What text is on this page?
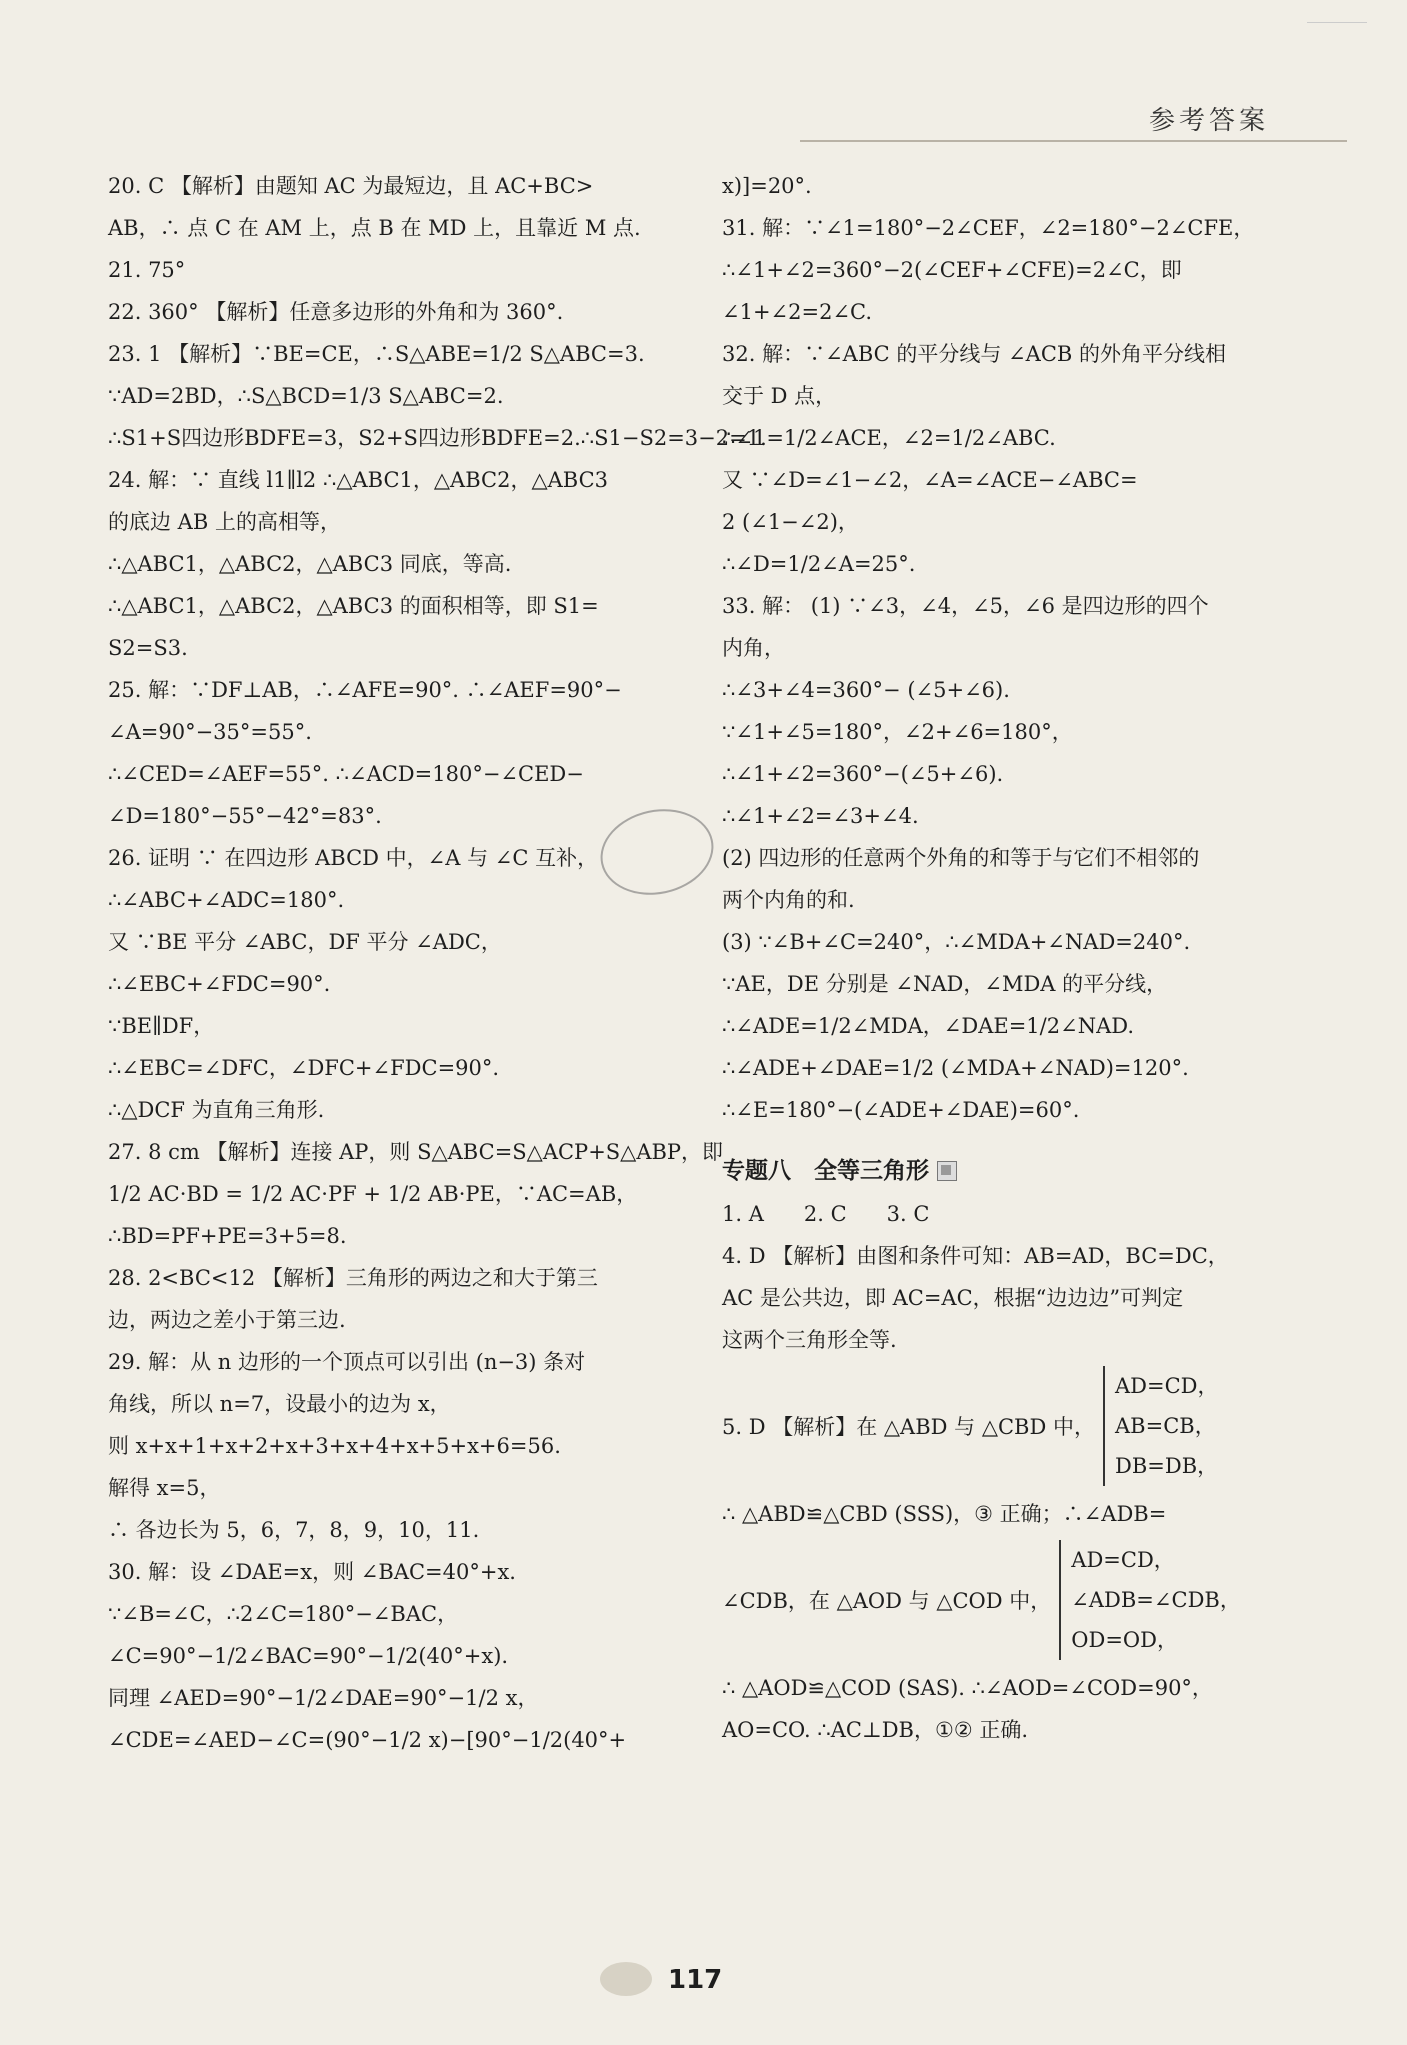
参考答案
20. C 【解析】由题知 AC 为最短边，且 AC+BC>
AB，∴ 点 C 在 AM 上，点 B 在 MD 上，且靠近 M 点.
21. 75°
22. 360° 【解析】任意多边形的外角和为 360°.
23. 1 【解析】∵BE=CE，∴S△ABE=1/2 S△ABC=3.
∵AD=2BD，∴S△BCD=1/3 S△ABC=2.
∴S1+S四边形BDFE=3，S2+S四边形BDFE=2.∴S1−S2=3−2=1.
24. 解：∵ 直线 l1∥l2 ∴△ABC1，△ABC2，△ABC3
的底边 AB 上的高相等，
∴△ABC1，△ABC2，△ABC3 同底，等高.
∴△ABC1，△ABC2，△ABC3 的面积相等，即 S1=
S2=S3.
25. 解：∵DF⊥AB，∴∠AFE=90°. ∴∠AEF=90°−
∠A=90°−35°=55°.
∴∠CED=∠AEF=55°. ∴∠ACD=180°−∠CED−
∠D=180°−55°−42°=83°.
26. 证明 ∵ 在四边形 ABCD 中，∠A 与 ∠C 互补，
∴∠ABC+∠ADC=180°.
又 ∵BE 平分 ∠ABC，DF 平分 ∠ADC，
∴∠EBC+∠FDC=90°.
∵BE∥DF，
∴∠EBC=∠DFC，∠DFC+∠FDC=90°.
∴△DCF 为直角三角形.
27. 8 cm 【解析】连接 AP，则 S△ABC=S△ACP+S△ABP，即
1/2 AC·BD = 1/2 AC·PF + 1/2 AB·PE，∵AC=AB，
∴BD=PF+PE=3+5=8.
28. 2<BC<12 【解析】三角形的两边之和大于第三
边，两边之差小于第三边.
29. 解：从 n 边形的一个顶点可以引出 (n−3) 条对
角线，所以 n=7，设最小的边为 x，
则 x+x+1+x+2+x+3+x+4+x+5+x+6=56.
解得 x=5，
∴ 各边长为 5，6，7，8，9，10，11.
30. 解：设 ∠DAE=x，则 ∠BAC=40°+x.
∵∠B=∠C，∴2∠C=180°−∠BAC，
∠C=90°−1/2∠BAC=90°−1/2(40°+x).
同理 ∠AED=90°−1/2∠DAE=90°−1/2 x，
∠CDE=∠AED−∠C=(90°−1/2 x)−[90°−1/2(40°+
x)]=20°.
31. 解：∵∠1=180°−2∠CEF，∠2=180°−2∠CFE，
∴∠1+∠2=360°−2(∠CEF+∠CFE)=2∠C，即
∠1+∠2=2∠C.
32. 解：∵∠ABC 的平分线与 ∠ACB 的外角平分线相
交于 D 点，
∴∠1=1/2∠ACE，∠2=1/2∠ABC.
又 ∵∠D=∠1−∠2，∠A=∠ACE−∠ABC=
2 (∠1−∠2)，
∴∠D=1/2∠A=25°.
33. 解： (1) ∵∠3，∠4，∠5，∠6 是四边形的四个
内角，
∴∠3+∠4=360°− (∠5+∠6).
∵∠1+∠5=180°，∠2+∠6=180°，
∴∠1+∠2=360°−(∠5+∠6).
∴∠1+∠2=∠3+∠4.
(2) 四边形的任意两个外角的和等于与它们不相邻的
两个内角的和.
(3) ∵∠B+∠C=240°，∴∠MDA+∠NAD=240°.
∵AE，DE 分别是 ∠NAD，∠MDA 的平分线，
∴∠ADE=1/2∠MDA，∠DAE=1/2∠NAD.
∴∠ADE+∠DAE=1/2 (∠MDA+∠NAD)=120°.
∴∠E=180°−(∠ADE+∠DAE)=60°.
专题八　全等三角形
1. A 2. C 3. C
4. D 【解析】由图和条件可知：AB=AD，BC=DC，
AC 是公共边，即 AC=AC，根据“边边边”可判定
这两个三角形全等.
5. D 【解析】在 △ABD 与 △CBD 中，
AD=CD，
AB=CB，
DB=DB，
∴ △ABD≌△CBD (SSS)，③ 正确；∴∠ADB=
∠CDB，在 △AOD 与 △COD 中，
AD=CD，
∠ADB=∠CDB，
OD=OD，
∴ △AOD≌△COD (SAS). ∴∠AOD=∠COD=90°，
AO=CO. ∴AC⊥DB，①② 正确.
117
